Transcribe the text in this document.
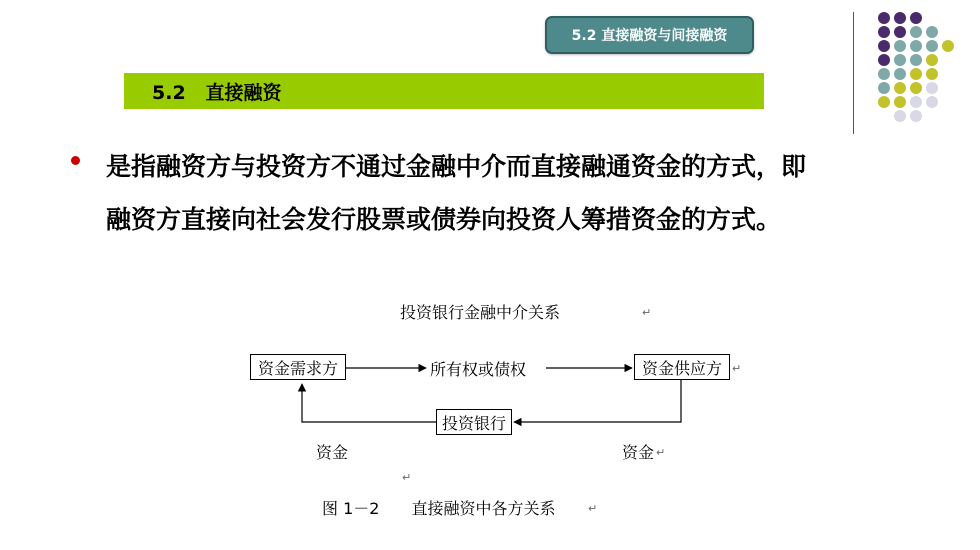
5.2 直接融资与间接融资
5.2   直接融资
是指融资方与投资方不通过金融中介而直接融通资金的方式，即融资方直接向社会发行股票或债券向投资人筹措资金的方式。
投资银行金融中介关系	↵
资金需求方	所有权或债权	资金供应方 ↵
投资银行
资金	资金 ↵
↵
图 1－2　　直接融资中各方关系	↵
